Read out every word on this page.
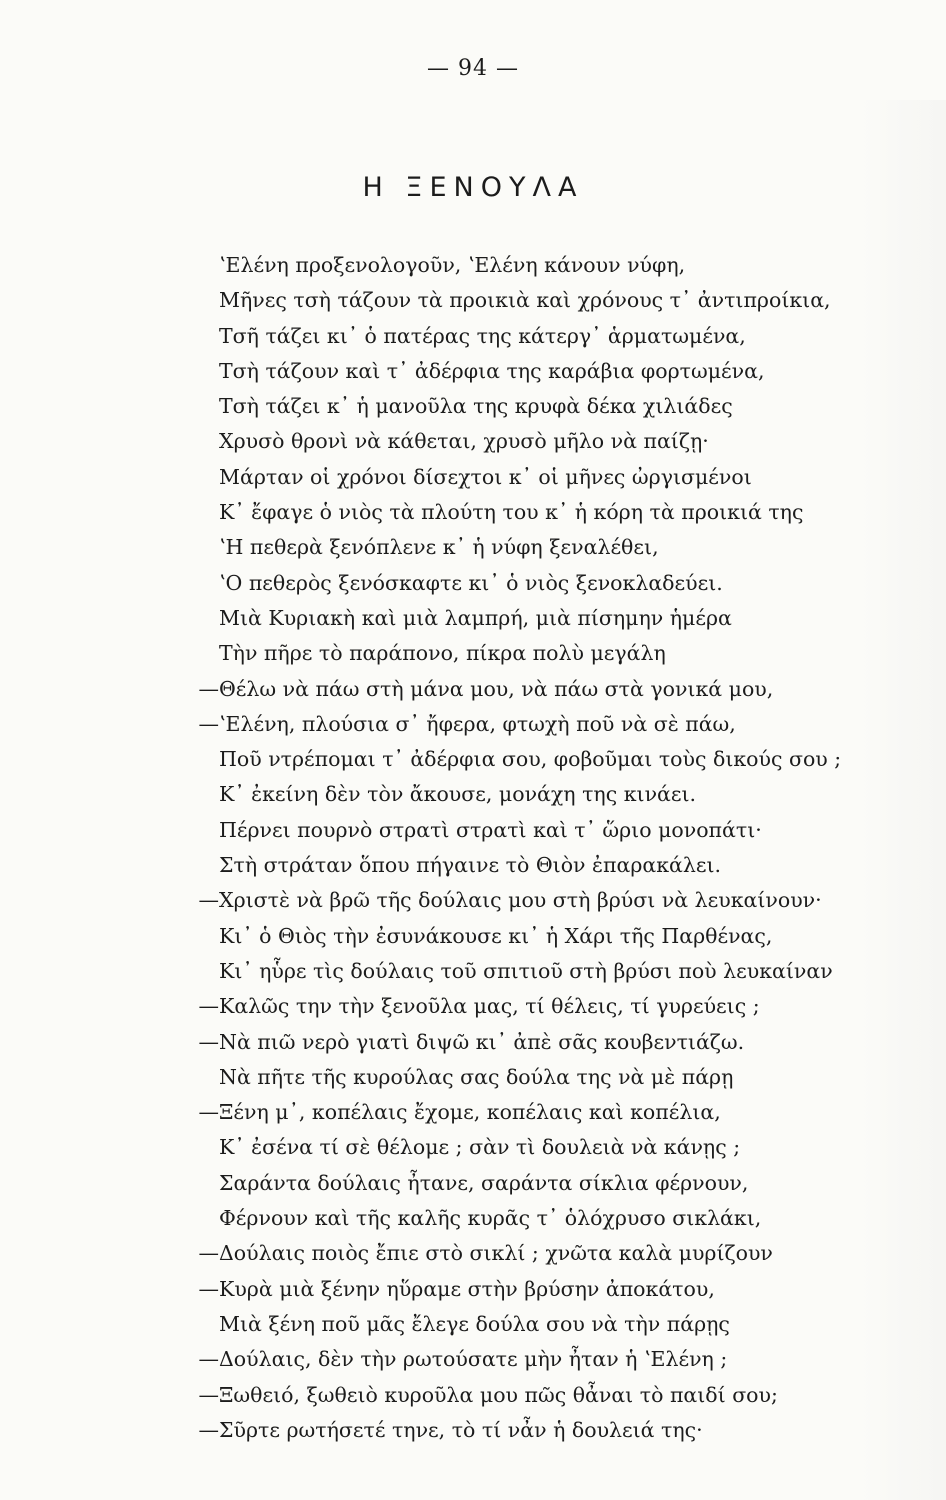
— 94 —
Η ΞΕΝΟΥΛΑ
ʽΕλένη προξενολογοῦν, ʽΕλένη κάνουν νύφη,
Μῆνες τσὴ τάζουν τὰ προικιὰ καὶ χρόνους τ᾽ ἀντιπροίκια,
Τσῆ τάζει κι᾽ ὁ πατέρας της κάτεργ᾽ ἁρματωμένα,
Τσὴ τάζουν καὶ τ᾽ ἀδέρφια της καράβια φορτωμένα,
Τσὴ τάζει κ᾽ ἡ μανοῦλα της κρυφὰ δέκα χιλιάδες
Χρυσὸ θρονὶ νὰ κάθεται, χρυσὸ μῆλο νὰ παίζῃ·
Μάρταν οἱ χρόνοι δίσεχτοι κ᾽ οἱ μῆνες ὠργισμένοι
Κ᾽ ἔφαγε ὁ νιὸς τὰ πλούτη του κ᾽ ἡ κόρη τὰ προικιά της
ʽΗ πεθερὰ ξενόπλενε κ᾽ ἡ νύφη ξεναλέθει,
ʽΟ πεθερὸς ξενόσκαφτε κι᾽ ὁ νιὸς ξενοκλαδεύει.
Μιὰ Κυριακὴ καὶ μιὰ λαμπρή, μιὰ πίσημην ἡμέρα
Τὴν πῆρε τὸ παράπονο, πίκρα πολὺ μεγάλη
— Θέλω νὰ πάω στὴ μάνα μου, νὰ πάω στὰ γονικά μου,
— ʽΕλένη, πλούσια σ᾽ ἤφερα, φτωχὴ ποῦ νὰ σὲ πάω,
Ποῦ ντρέπομαι τ᾽ ἀδέρφια σου, φοβοῦμαι τοὺς δικούς σου ;
Κ᾽ ἐκείνη δὲν τὸν ἄκουσε, μονάχη της κινάει.
Πέρνει πουρνὸ στρατὶ στρατὶ καὶ τ᾽ ὥριο μονοπάτι·
Στὴ στράταν ὅπου πήγαινε τὸ Θιὸν ἐπαρακάλει.
— Χριστὲ νὰ βρῶ τῆς δούλαις μου στὴ βρύσι νὰ λευκαίνουν·
Κι᾽ ὁ Θιὸς τὴν ἐσυνάκουσε κι᾽ ἡ Χάρι τῆς Παρθένας,
Κι᾽ ηὗρε τὶς δούλαις τοῦ σπιτιοῦ στὴ βρύσι ποὺ λευκαίναν
— Καλῶς την τὴν ξενοῦλα μας, τί θέλεις, τί γυρεύεις ;
— Νὰ πιῶ νερὸ γιατὶ διψῶ κι᾽ ἀπὲ σᾶς κουβεντιάζω.
Νὰ πῆτε τῆς κυρούλας σας δούλα της νὰ μὲ πάρῃ
— Ξένη μ᾽, κοπέλαις ἔχομε, κοπέλαις καὶ κοπέλια,
Κ᾽ ἐσένα τί σὲ θέλομε ; σὰν τὶ δουλειὰ νὰ κάνῃς ;
Σαράντα δούλαις ἦτανε, σαράντα σίκλια φέρνουν,
Φέρνουν καὶ τῆς καλῆς κυρᾶς τ᾽ ὁλόχρυσο σικλάκι,
— Δούλαις ποιὸς ἔπιε στὸ σικλί ; χνῶτα καλὰ μυρίζουν
— Κυρὰ μιὰ ξένην ηὕραμε στὴν βρύσην ἀποκάτου,
Μιὰ ξένη ποῦ μᾶς ἔλεγε δούλα σου νὰ τὴν πάρῃς
— Δούλαις, δὲν τὴν ρωτούσατε μὴν ἦταν ἡ ʽΕλένη ;
— Ξωθειό, ξωθειὸ κυροῦλα μου πῶς θἆναι τὸ παιδί σου;
— Σῦρτε ρωτήσετέ τηνε, τὸ τί νἆν ἡ δουλειά της·
